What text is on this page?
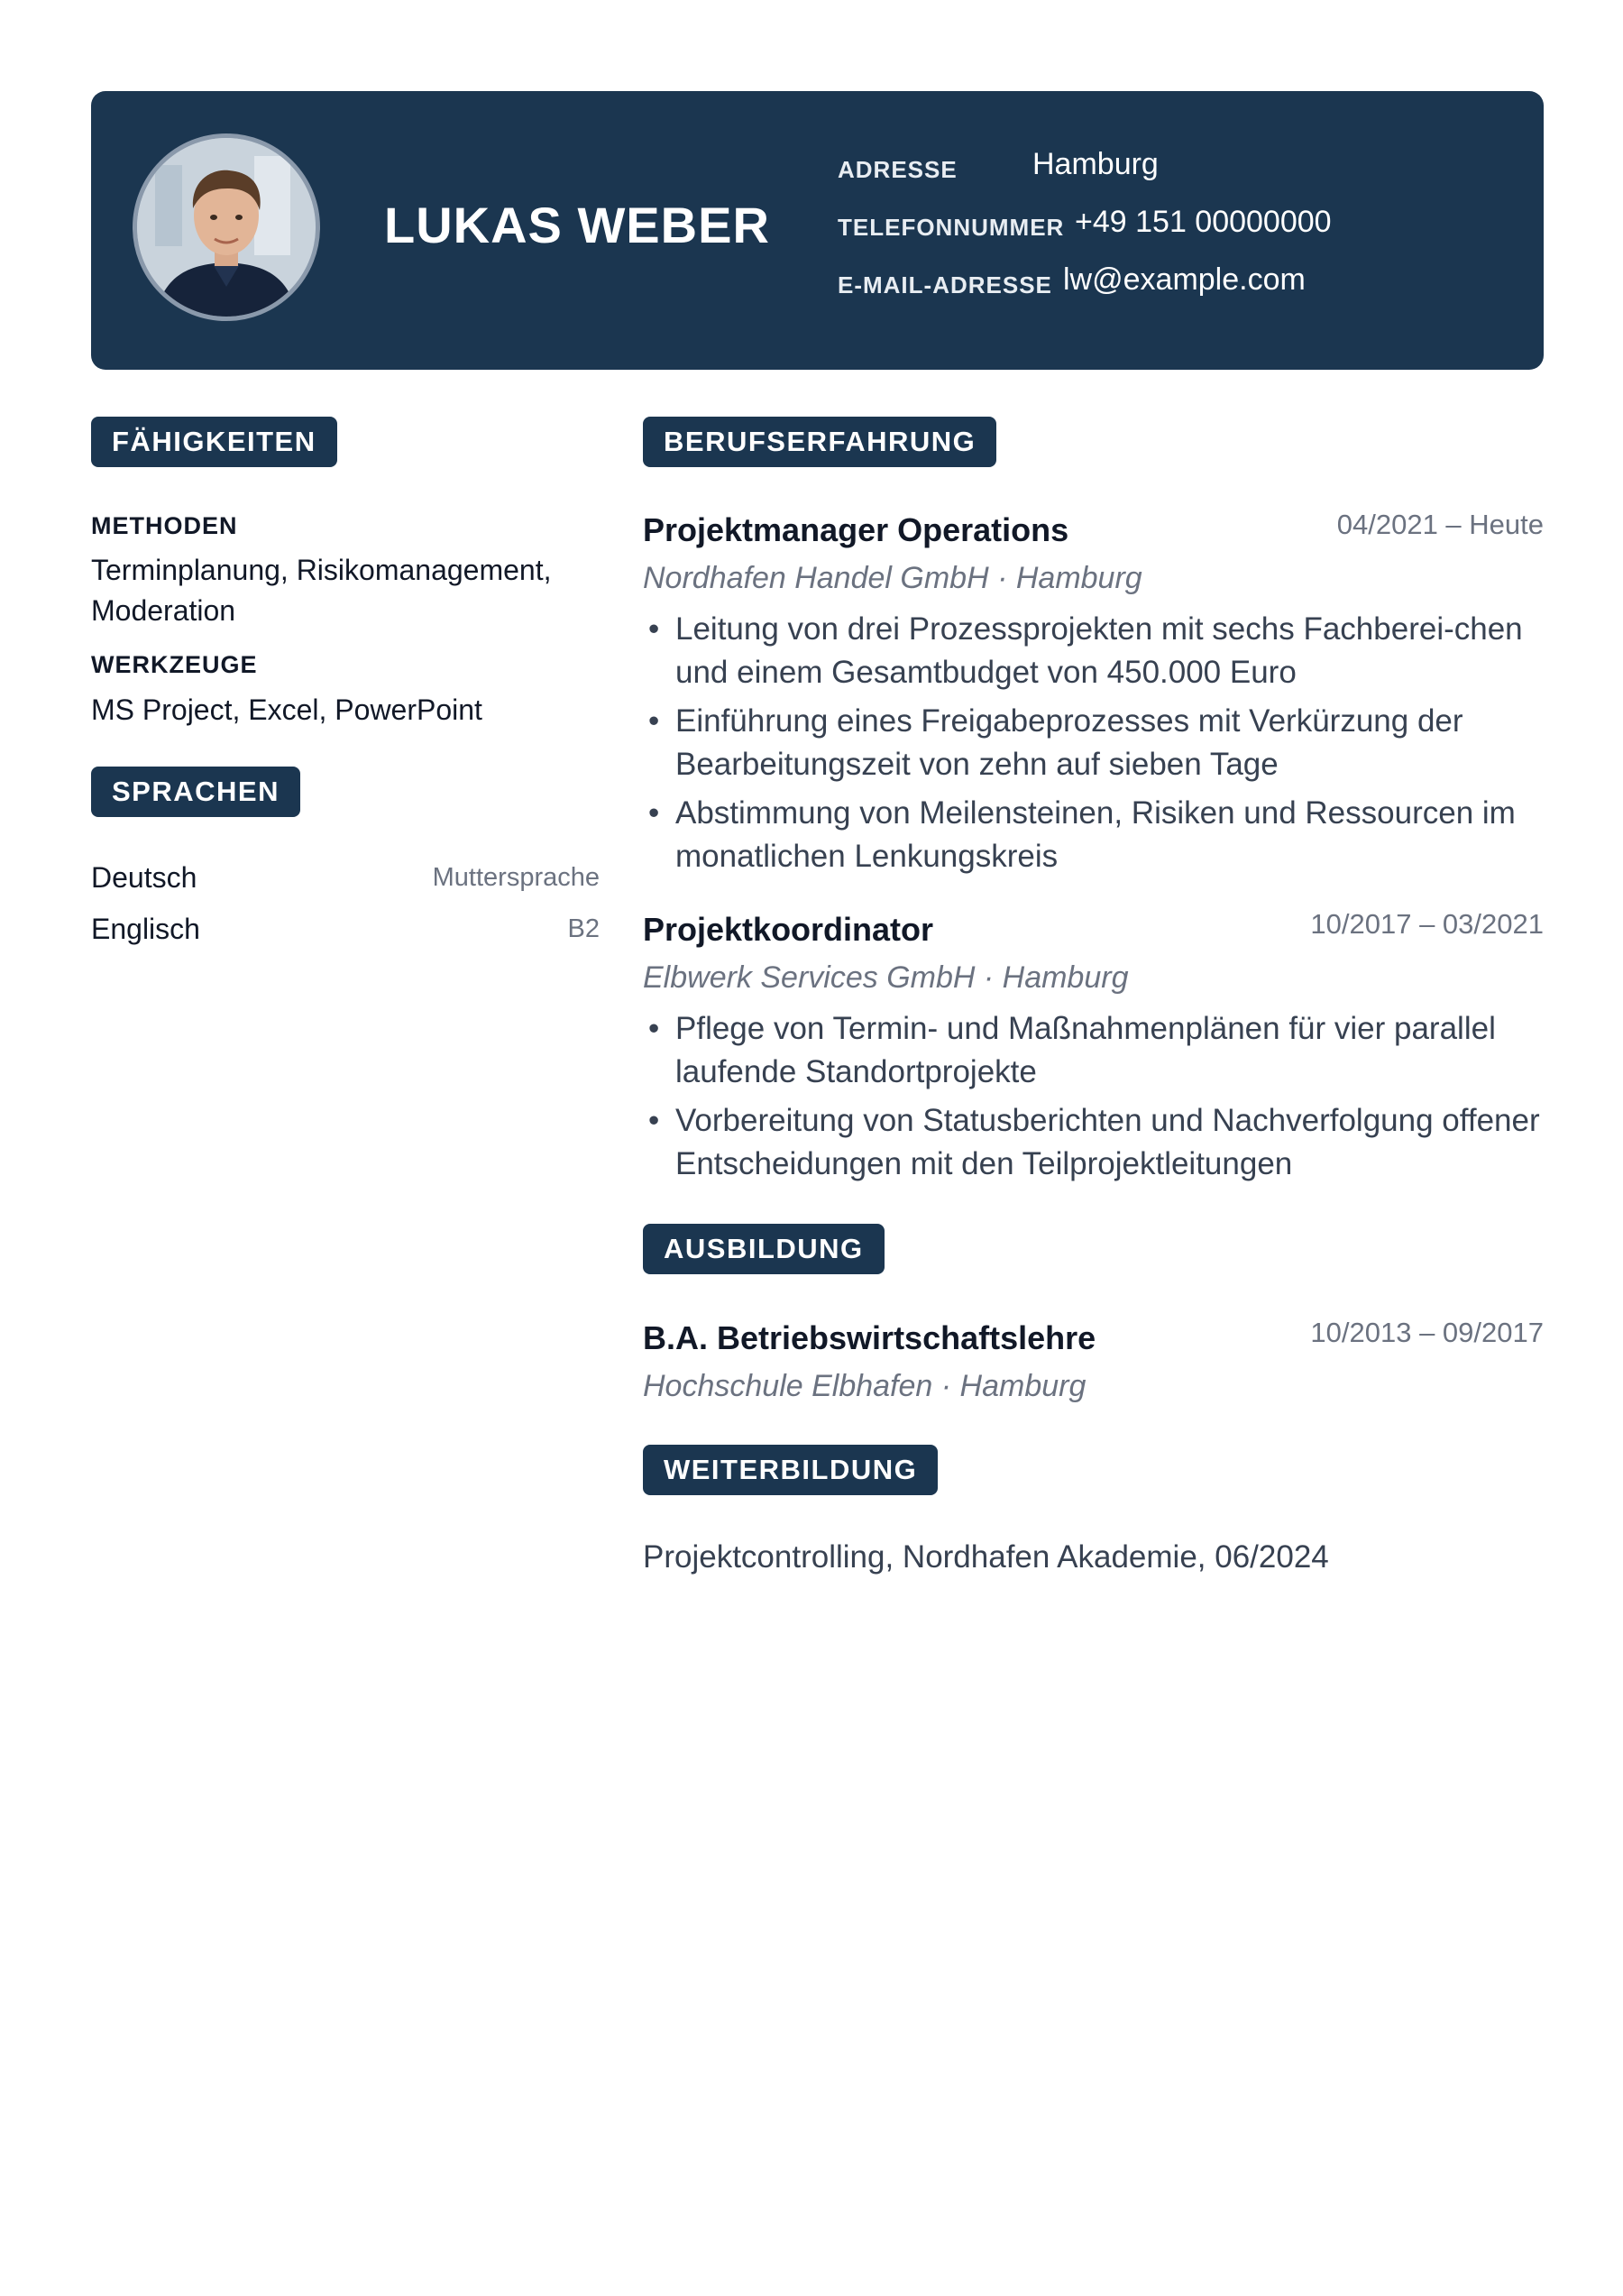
LUKAS WEBER
ADRESSE Hamburg
TELEFONNUMMER +49 151 00000000
E-MAIL-ADRESSE lw@example.com
FÄHIGKEITEN
METHODEN
Terminplanung, Risikomanagement, Moderation
WERKZEUGE
MS Project, Excel, PowerPoint
SPRACHEN
Deutsch	Muttersprache
Englisch	B2
BERUFSERFAHRUNG
Projektmanager Operations	04/2021 – Heute
Nordhafen Handel GmbH · Hamburg
• Leitung von drei Prozessprojekten mit sechs Fachberei-chen und einem Gesamtbudget von 450.000 Euro
• Einführung eines Freigabeprozesses mit Verkürzung der Bearbeitungszeit von zehn auf sieben Tage
• Abstimmung von Meilensteinen, Risiken und Ressourcen im monatlichen Lenkungskreis
Projektkoordinator	10/2017 – 03/2021
Elbwerk Services GmbH · Hamburg
• Pflege von Termin- und Maßnahmenplänen für vier parallel laufende Standortprojekte
• Vorbereitung von Statusberichten und Nachverfolgung offener Entscheidungen mit den Teilprojektleitungen
AUSBILDUNG
B.A. Betriebswirtschaftslehre	10/2013 – 09/2017
Hochschule Elbhafen · Hamburg
WEITERBILDUNG
Projektcontrolling, Nordhafen Akademie, 06/2024
